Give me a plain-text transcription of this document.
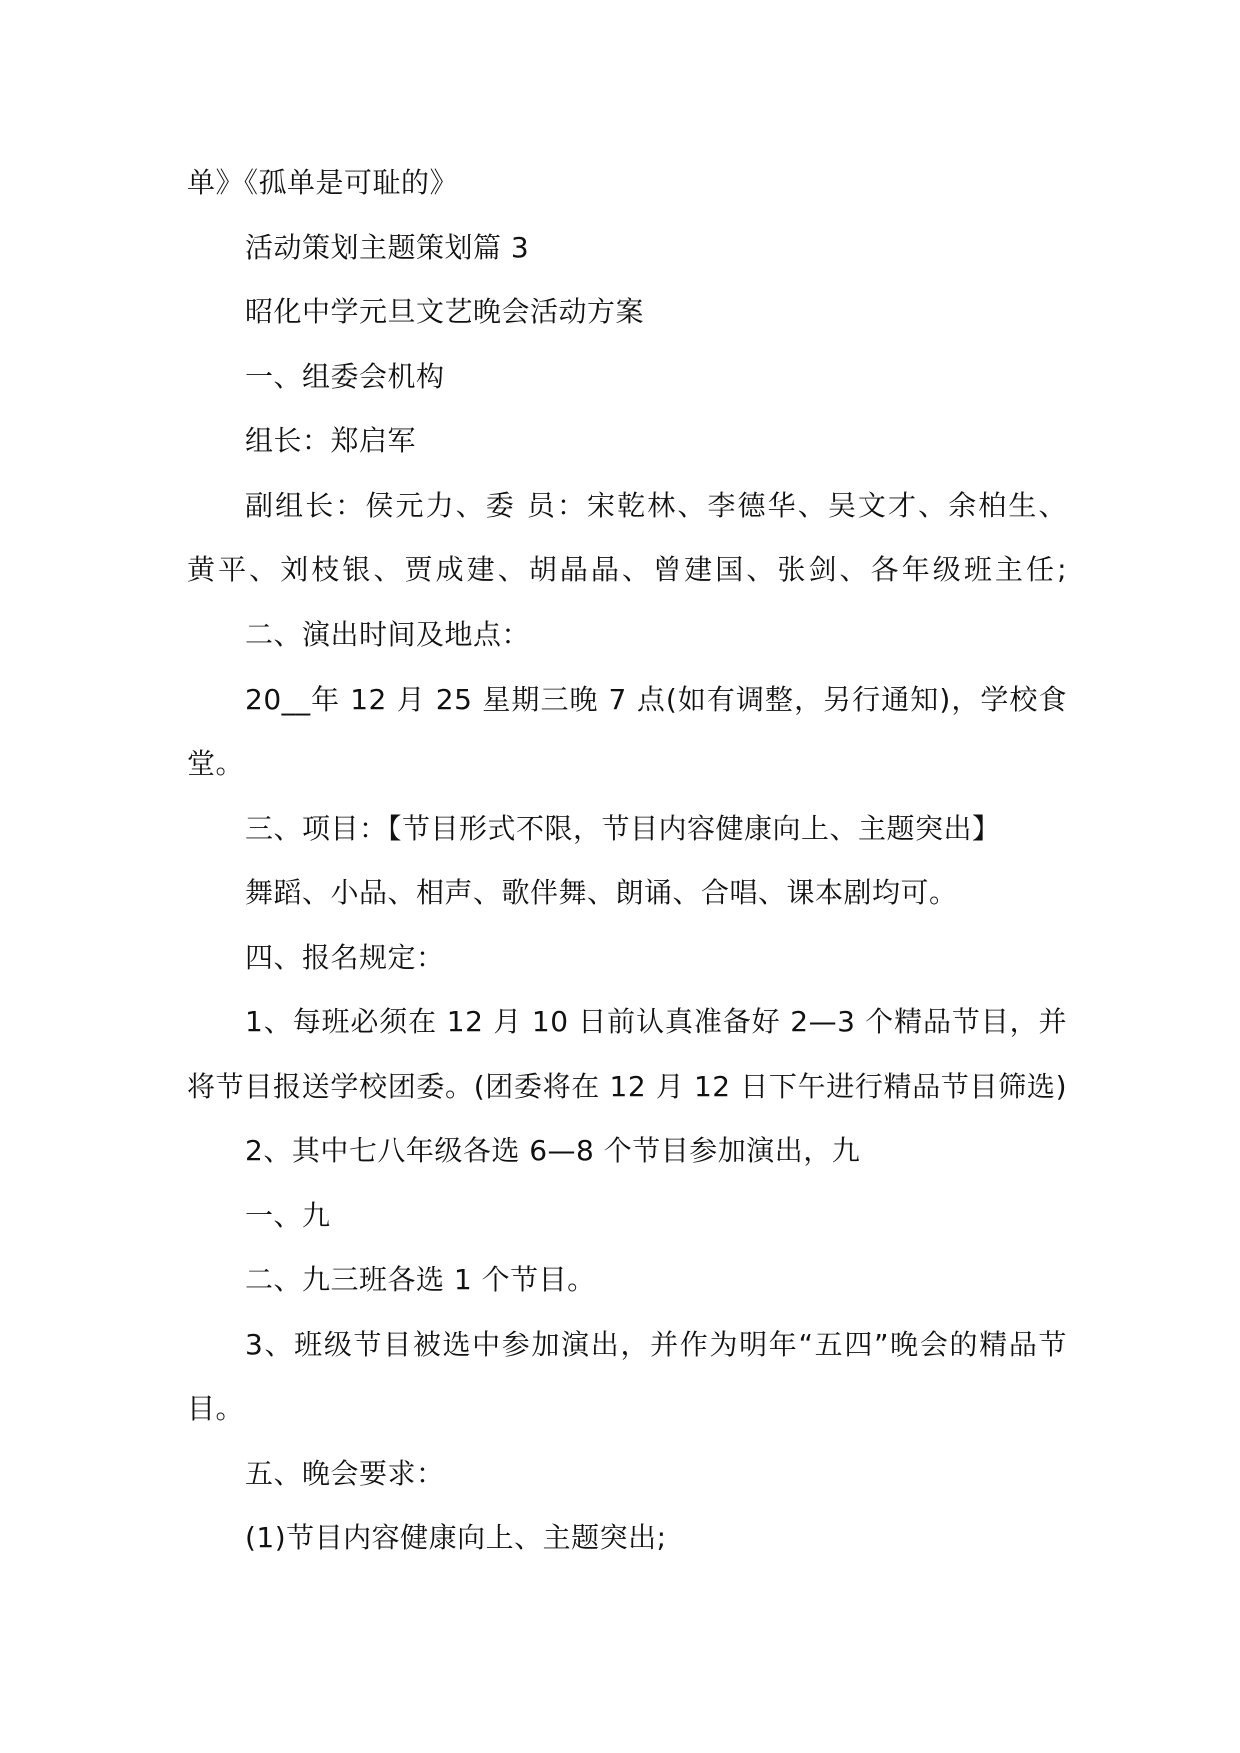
单》《孤单是可耻的》
活动策划主题策划篇 3
昭化中学元旦文艺晚会活动方案
一、组委会机构
组长：郑启军
副组长：侯元力、委 员：宋乾林、李德华、吴文才、余柏生、
黄平、刘枝银、贾成建、胡晶晶、曾建国、张剑、各年级班主任;
二、演出时间及地点：
20__年 12 月 25 星期三晚 7 点(如有调整，另行通知)，学校食
堂。
三、项目：【节目形式不限，节目内容健康向上、主题突出】
舞蹈、小品、相声、歌伴舞、朗诵、合唱、课本剧均可。
四、报名规定：
1、每班必须在 12 月 10 日前认真准备好 2—3 个精品节目，并
将节目报送学校团委。(团委将在 12 月 12 日下午进行精品节目筛选)
2、其中七八年级各选 6—8 个节目参加演出，九
一、九
二、九三班各选 1 个节目。
3、班级节目被选中参加演出，并作为明年“五四”晚会的精品节
目。
五、晚会要求：
(1)节目内容健康向上、主题突出;
